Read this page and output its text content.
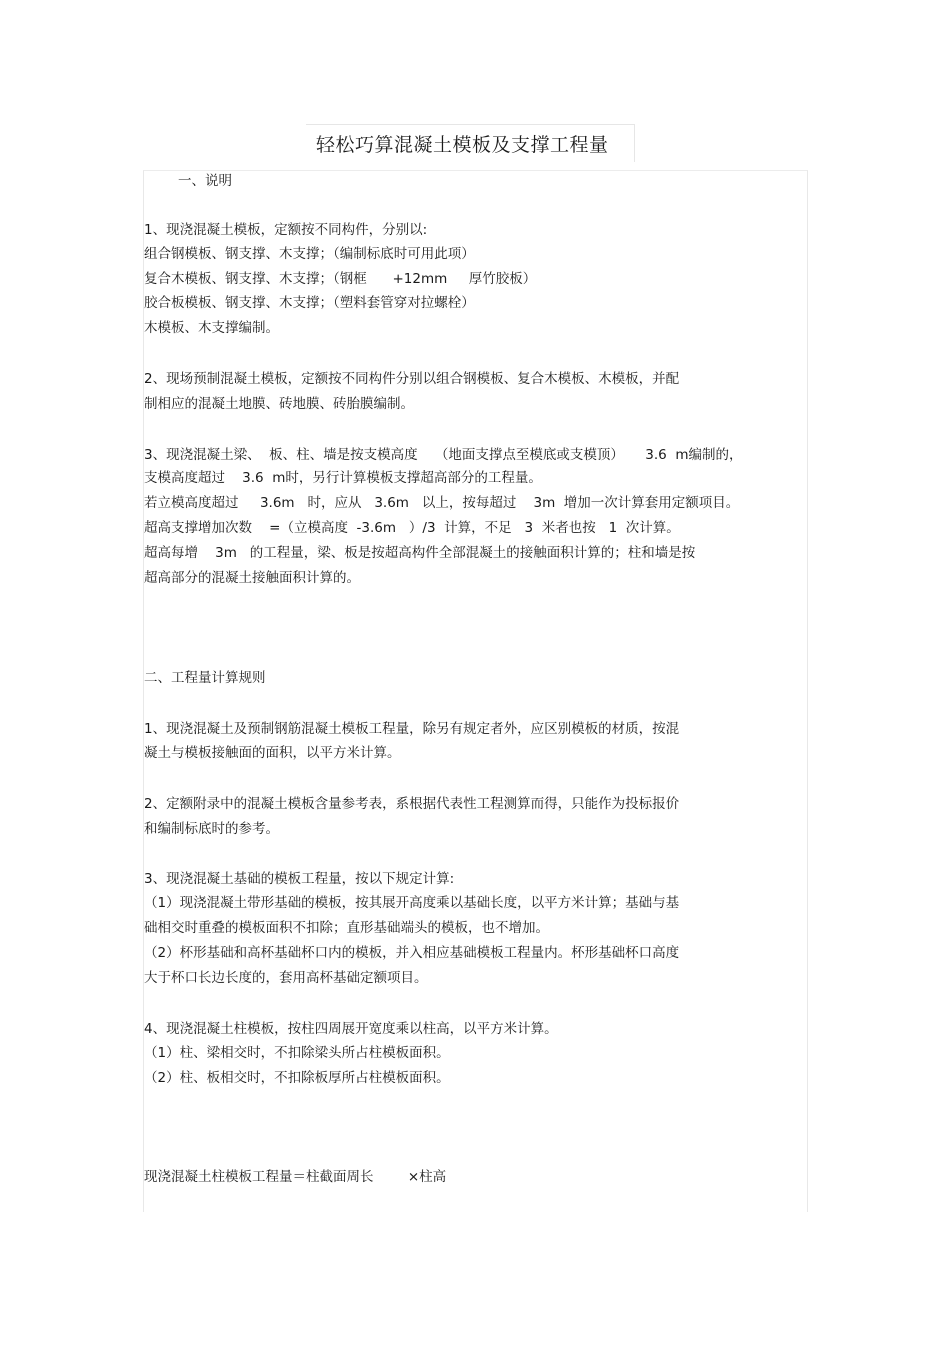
轻松巧算混凝土模板及支撑工程量
一、说明
1、现浇混凝土模板，定额按不同构件，分别以:
组合钢模板、钢支撑、木支撑；（编制标底时可用此项）
复合木模板、钢支撑、木支撑；（钢框      +12mm     厚竹胶板）
胶合板模板、钢支撑、木支撑；（塑料套管穿对拉螺栓）
木模板、木支撑编制。
2、现场预制混凝土模板，定额按不同构件分别以组合钢模板、复合木模板、木模板，并配
制相应的混凝土地膜、砖地膜、砖胎膜编制。
3、现浇混凝土梁、  板、柱、墙是按支模高度    （地面支撑点至模底或支模顶）     3.6  m编制的，
支模高度超过    3.6  m时，另行计算模板支撑超高部分的工程量。
若立模高度超过     3.6m   时，应从   3.6m   以上，按每超过    3m  增加一次计算套用定额项目。
超高支撑增加次数    =（立模高度  -3.6m   ）/3  计算，不足   3  米者也按   1  次计算。
超高每增    3m   的工程量，梁、板是按超高构件全部混凝土的接触面积计算的；柱和墙是按
超高部分的混凝土接触面积计算的。
二、工程量计算规则
1、现浇混凝土及预制钢筋混凝土模板工程量，除另有规定者外，应区别模板的材质，按混
凝土与模板接触面的面积，以平方米计算。
2、定额附录中的混凝土模板含量参考表，系根据代表性工程测算而得，只能作为投标报价
和编制标底时的参考。
3、现浇混凝土基础的模板工程量，按以下规定计算:
（1）现浇混凝土带形基础的模板，按其展开高度乘以基础长度，以平方米计算；基础与基
础相交时重叠的模板面积不扣除；直形基础端头的模板，也不增加。
（2）杯形基础和高杯基础杯口内的模板，并入相应基础模板工程量内。杯形基础杯口高度
大于杯口长边长度的，套用高杯基础定额项目。
4、现浇混凝土柱模板，按柱四周展开宽度乘以柱高，以平方米计算。
（1）柱、梁相交时，不扣除梁头所占柱模板面积。
（2）柱、板相交时，不扣除板厚所占柱模板面积。
现浇混凝土柱模板工程量＝柱截面周长        ×柱高
